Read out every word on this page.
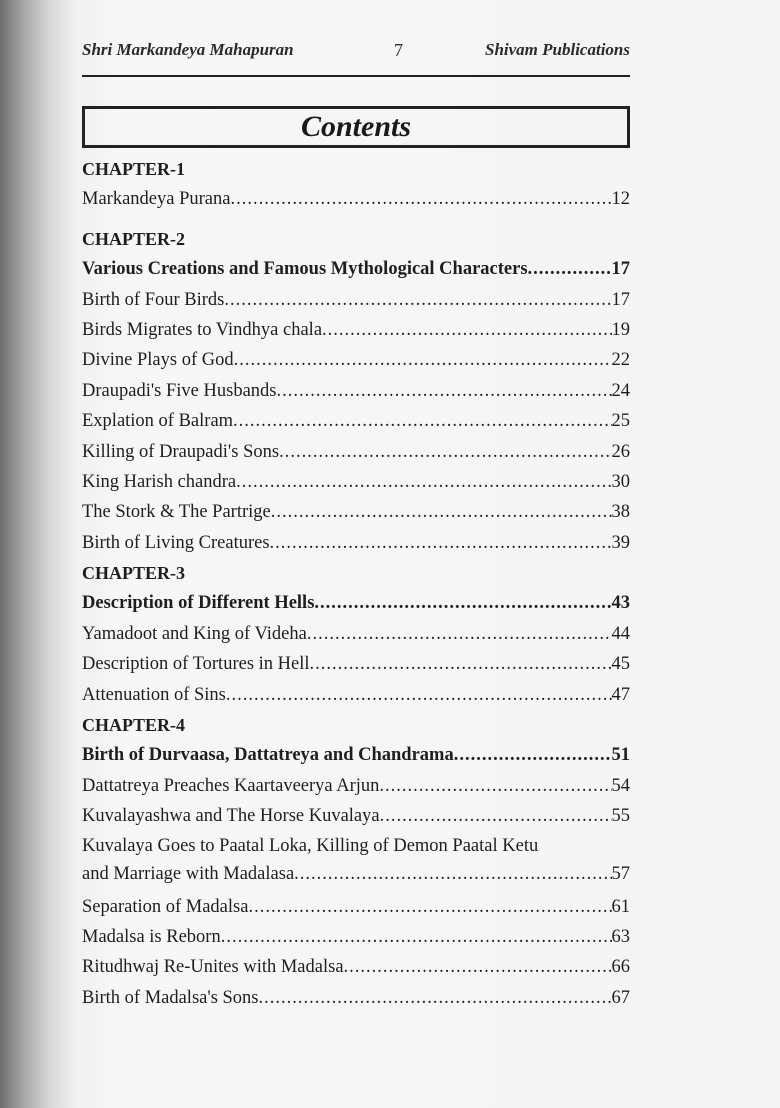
Shri Markandeya Mahapuran	7	Shivam Publications
Contents
CHAPTER-1
Markandeya Purana .....	12
CHAPTER-2
Various Creations and Famous Mythological Characters .....	17
Birth of Four Birds .....	17
Birds Migrates to Vindhya chala .....	19
Divine Plays of God .....	22
Draupadi's Five Husbands .....	24
Explation of Balram .....	25
Killing of Draupadi's Sons .....	26
King Harish chandra .....	30
The Stork & The Partrige .....	38
Birth of Living Creatures .....	39
CHAPTER-3
Description of Different Hells .....	43
Yamadoot and King of Videha .....	44
Description of Tortures in Hell .....	45
Attenuation of Sins .....	47
CHAPTER-4
Birth of Durvaasa, Dattatreya and Chandrama .....	51
Dattatreya Preaches Kaartaveerya Arjun .....	54
Kuvalayashwa and The Horse Kuvalaya .....	55
Kuvalaya Goes to Paatal Loka, Killing of Demon Paatal Ketu
and Marriage with Madalasa .....	57
Separation of Madalsa .....	61
Madalsa is Reborn .....	63
Ritudhwaj Re-Unites with Madalsa .....	66
Birth of Madalsa's Sons .....	67
